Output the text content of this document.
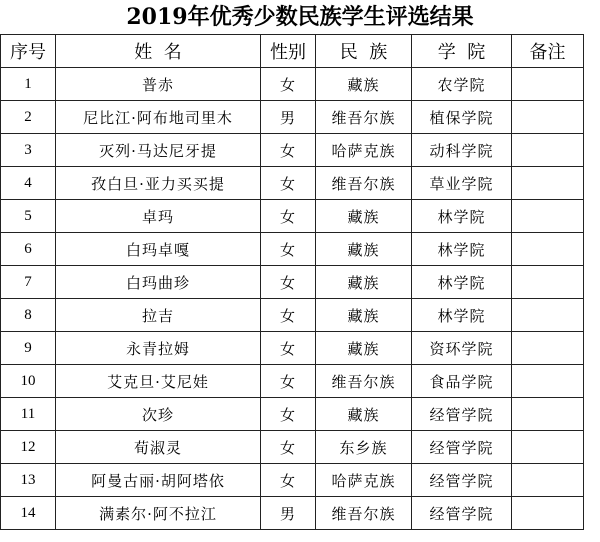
2019年优秀少数民族学生评选结果
序号	姓  名	性别	民  族	学  院	备注
1	普赤	女	藏族	农学院	
2	尼比江·阿布地司里木	男	维吾尔族	植保学院	
3	灭列·马达尼牙提	女	哈萨克族	动科学院	
4	孜白旦·亚力买买提	女	维吾尔族	草业学院	
5	卓玛	女	藏族	林学院	
6	白玛卓嘎	女	藏族	林学院	
7	白玛曲珍	女	藏族	林学院	
8	拉吉	女	藏族	林学院	
9	永青拉姆	女	藏族	资环学院	
10	艾克旦·艾尼娃	女	维吾尔族	食品学院	
11	次珍	女	藏族	经管学院	
12	荀淑灵	女	东乡族	经管学院	
13	阿曼古丽·胡阿塔依	女	哈萨克族	经管学院	
14	满素尔·阿不拉江	男	维吾尔族	经管学院	
